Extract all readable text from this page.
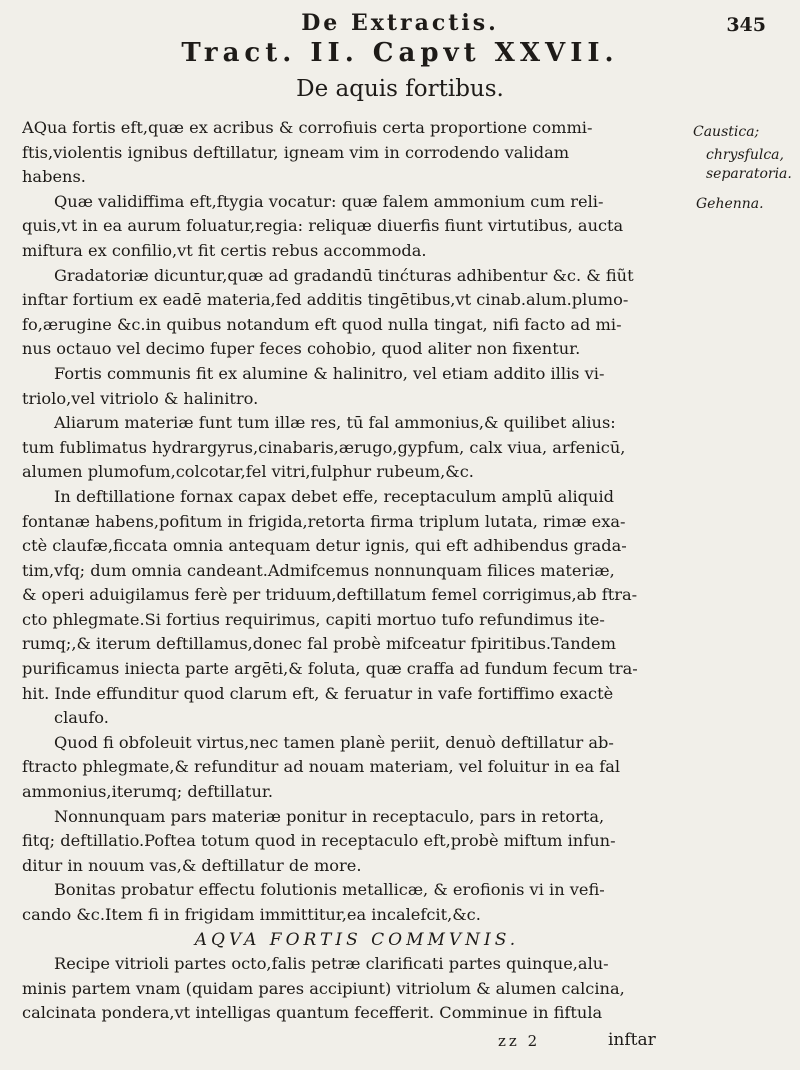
De Extractis.	345
Tract. II. Capvt XXVII.
De aquis fortibus.
Caustica;
chrysfulca,
separatoria.
Gehenna.
AQua fortis eft,quæ ex acribus & corrofiuis certa proportione commi-
ftis,violentis ignibus deftillatur, igneam vim in corrodendo validam
habens.
Quæ validiffima eft,ftygia vocatur: quæ falem ammonium cum reli-
quis,vt in ea aurum foluatur,regia: reliquæ diuerfis fiunt virtutibus, aucta
miftura ex confilio,vt fit certis rebus accommoda.
Gradatoriæ dicuntur,quæ ad gradandū tinćturas adhibentur &c. & fiũt
inftar fortium ex eadē materia,fed additis tingētibus,vt cinab.alum.plumo-
fo,ærugine &c.in quibus notandum eft quod nulla tingat, nifi facto ad mi-
nus octauo vel decimo fuper feces cohobio, quod aliter non fixentur.
Fortis communis fit ex alumine & halinitro, vel etiam addito illis vi-
triolo,vel vitriolo & halinitro.
Aliarum materiæ funt tum illæ res, tū fal ammonius,& quilibet alius:
tum fublimatus hydrargyrus,cinabaris,ærugo,gypfum, calx viua, arfenicū,
alumen plumofum,colcotar,fel vitri,fulphur rubeum,&c.
In deftillatione fornax capax debet effe, receptaculum amplū aliquid
fontanæ habens,pofitum in frigida,retorta firma triplum lutata, rimæ exa-
ctè claufæ,ficcata omnia antequam detur ignis, qui eft adhibendus grada-
tim,vfq; dum omnia candeant.Admifcemus nonnunquam filices materiæ,
& operi aduigilamus ferè per triduum,deftillatum femel corrigimus,ab ftra-
cto phlegmate.Si fortius requirimus, capiti mortuo tufo refundimus ite-
rumq;,& iterum deftillamus,donec fal probè mifceatur fpiritibus.Tandem
purificamus iniecta parte argēti,& foluta, quæ craffa ad fundum fecum tra-
hit. Inde effunditur quod clarum eft, & feruatur in vafe fortiffimo exactè
claufo.
Quod fi obfoleuit virtus,nec tamen planè periit, denuò deftillatur ab-
ftracto phlegmate,& refunditur ad nouam materiam, vel foluitur in ea fal
ammonius,iterumq; deftillatur.
Nonnunquam pars materiæ ponitur in receptaculo, pars in retorta,
fitq; deftillatio.Poftea totum quod in receptaculo eft,probè miftum infun-
ditur in nouum vas,& deftillatur de more.
Bonitas probatur effectu folutionis metallicæ, & erofionis vi in vefi-
cando &c.Item fi in frigidam immittitur,ea incalefcit,&c.
AQVA FORTIS COMMVNIS.
Recipe vitrioli partes octo,falis petræ clarificati partes quinque,alu-
minis partem vnam (quidam pares accipiunt) vitriolum & alumen calcina,
calcinata pondera,vt intelligas quantum fecefferit. Comminue in fiftula
zz 2	inftar
